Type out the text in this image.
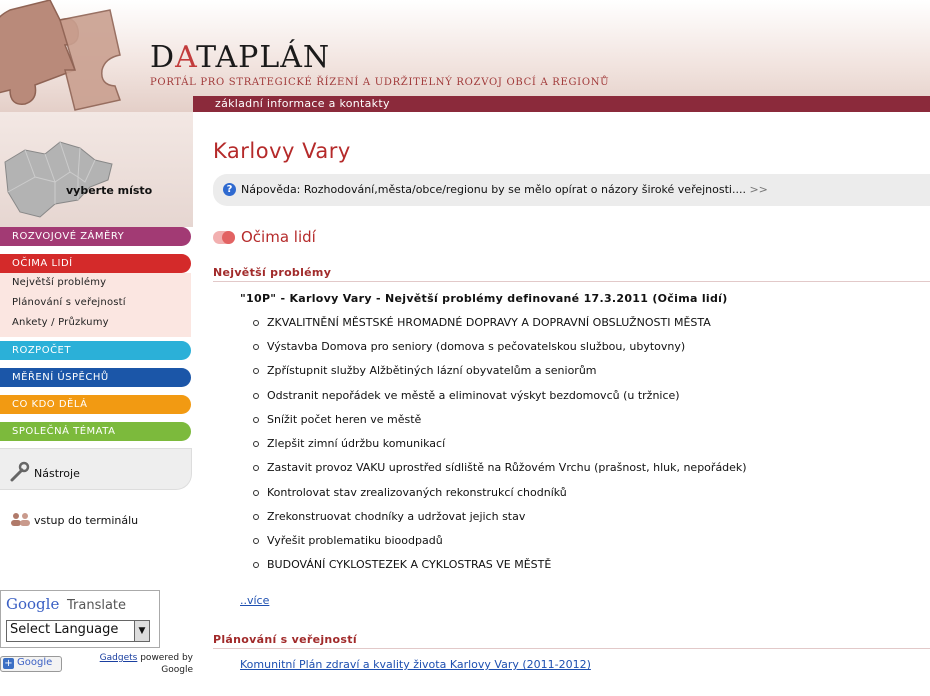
DATAPLÁN
PORTÁL PRO STRATEGICKÉ ŘÍZENÍ A UDRŽITELNÝ ROZVOJ OBCÍ A REGIONŮ
základní informace a kontakty
vyberte místo
ROZVOJOVÉ ZÁMĚRY
OČIMA LIDÍ
Největší problémy
Plánování s veřejností
Ankety / Průzkumy
ROZPOČET
MĚŘENÍ ÚSPĚCHŮ
CO KDO DĚLÁ
SPOLEČNÁ TÉMATA
Nástroje
vstup do terminálu
Google Translate
Select Language	▼
+ Google	Gadgets powered by
Google
Karlovy Vary
? Nápověda: Rozhodování,města/obce/regionu by se mělo opírat o názory široké veřejnosti.... >>
Očima lidí
Největší problémy
"10P" - Karlovy Vary - Největší problémy definované 17.3.2011 (Očima lidí)
ZKVALITNĚNÍ MĚSTSKÉ HROMADNÉ DOPRAVY A DOPRAVNÍ OBSLUŽNOSTI MĚSTA
Výstavba Domova pro seniory (domova s pečovatelskou službou, ubytovny)
Zpřístupnit služby Alžbětiných lázní obyvatelům a seniorům
Odstranit nepořádek ve městě a eliminovat výskyt bezdomovců (u tržnice)
Snížit počet heren ve městě
Zlepšit zimní údržbu komunikací
Zastavit provoz VAKU uprostřed sídliště na Růžovém Vrchu (prašnost, hluk, nepořádek)
Kontrolovat stav zrealizovaných rekonstrukcí chodníků
Zrekonstruovat chodníky a udržovat jejich stav
Vyřešit problematiku bioodpadů
BUDOVÁNÍ CYKLOSTEZEK A CYKLOSTRAS VE MĚSTĚ
..více
Plánování s veřejností
Komunitní Plán zdraví a kvality života Karlovy Vary (2011-2012)
